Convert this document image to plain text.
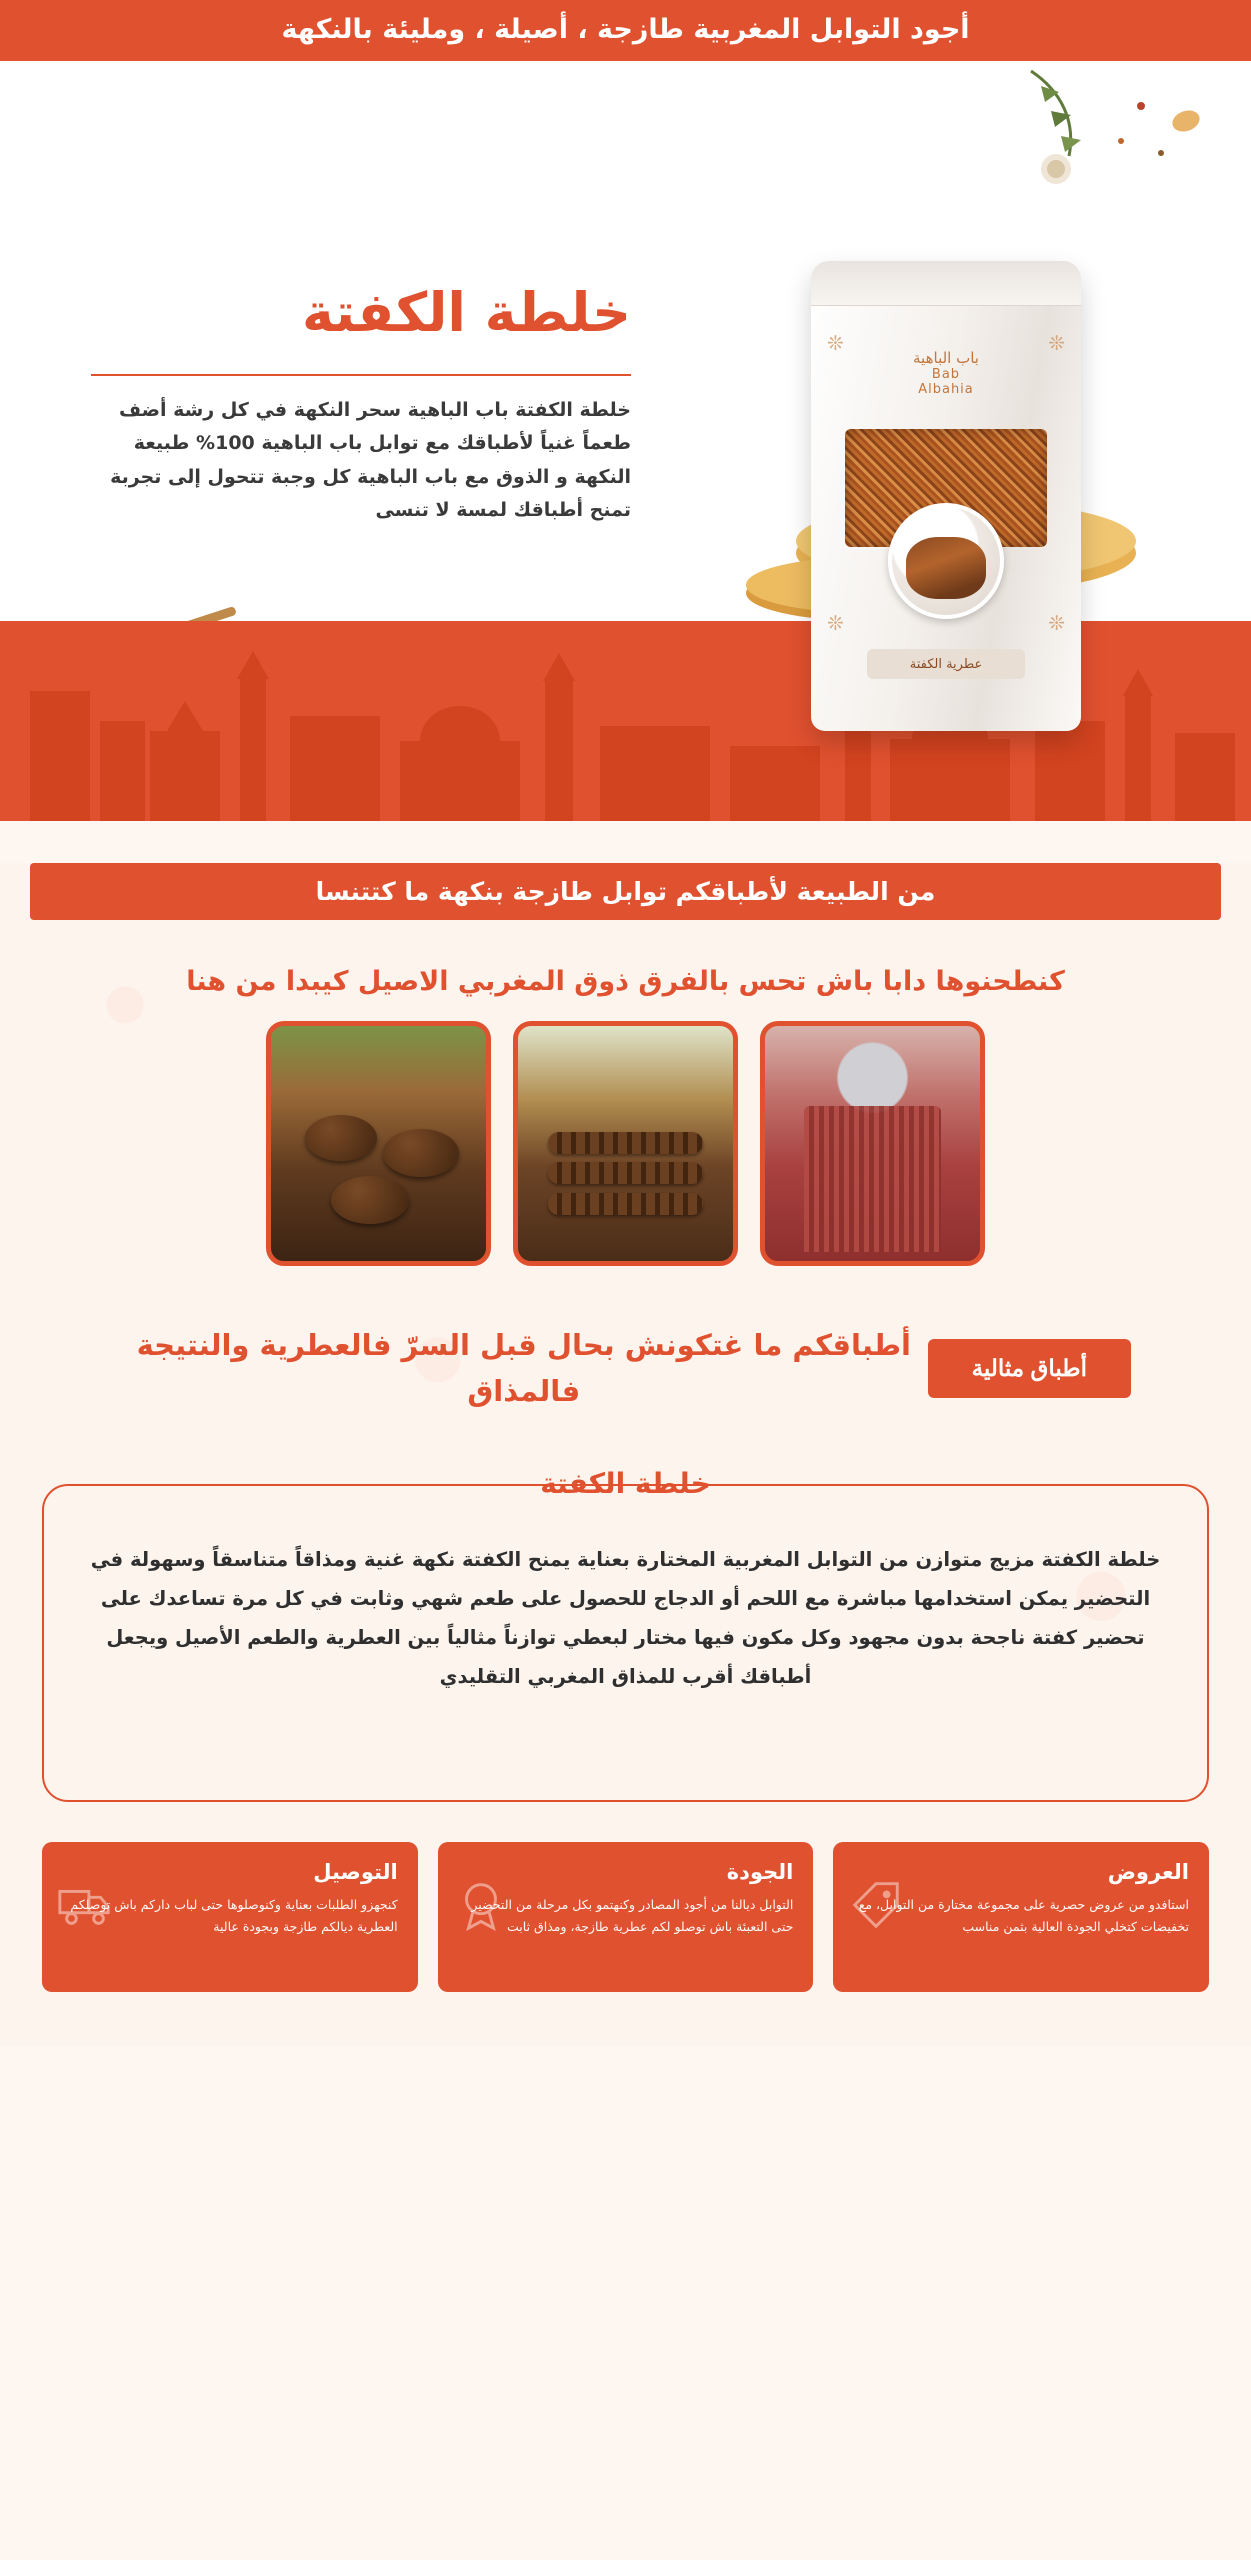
أجود التوابل المغربية طازجة ، أصيلة ، ومليئة بالنكهة
❊
❊
❊
❊
باب الباهية
Bab
Albahia
عطرية الكفتة
خلطة الكفتة
خلطة الكفتة باب الباهية سحر النكهة في كل رشة أضف طعماً غنياً لأطباقك مع توابل باب الباهية 100% طبيعة النكهة و الذوق مع باب الباهية كل وجبة تتحول إلى تجربة تمنح أطباقك لمسة لا تنسى
من الطبيعة لأطباقكم توابل طازجة بنكهة ما كتتنسا
كنطحنوها دابا باش تحس بالفرق ذوق المغربي الاصيل كيبدا من هنا
أطباق مثالية
أطباقكم ما غتكونش بحال قبل السرّ فالعطرية والنتيجة فالمذاق
خلطة الكفتة

خلطة الكفتة مزيج متوازن من التوابل المغربية المختارة بعناية يمنح الكفتة نكهة غنية ومذاقاً متناسقاً وسهولة في التحضير يمكن استخدامها مباشرة مع اللحم أو الدجاج للحصول على طعم شهي وثابت في كل مرة تساعدك على تحضير كفتة ناجحة بدون مجهود وكل مكون فيها مختار لبعطي توازناً مثالياً بين العطرية والطعم الأصيل ويجعل أطباقك أقرب للمذاق المغربي التقليدي

العروض

استافدو من عروض حصرية على مجموعة مختارة من التوابل، مع تخفيضات كتخلي الجودة العالية بثمن مناسب

الجودة

التوابل ديالنا من أجود المصادر وكنهتمو بكل مرحلة من التحضير حتى التعبئة باش توصلو لكم عطرية طازجة، ومذاق ثابت

التوصيل

كنجهزو الطلبات بعناية وكنوصلوها حتى لباب داركم باش توصلكم العطرية ديالكم طازجة وبجودة عالية
